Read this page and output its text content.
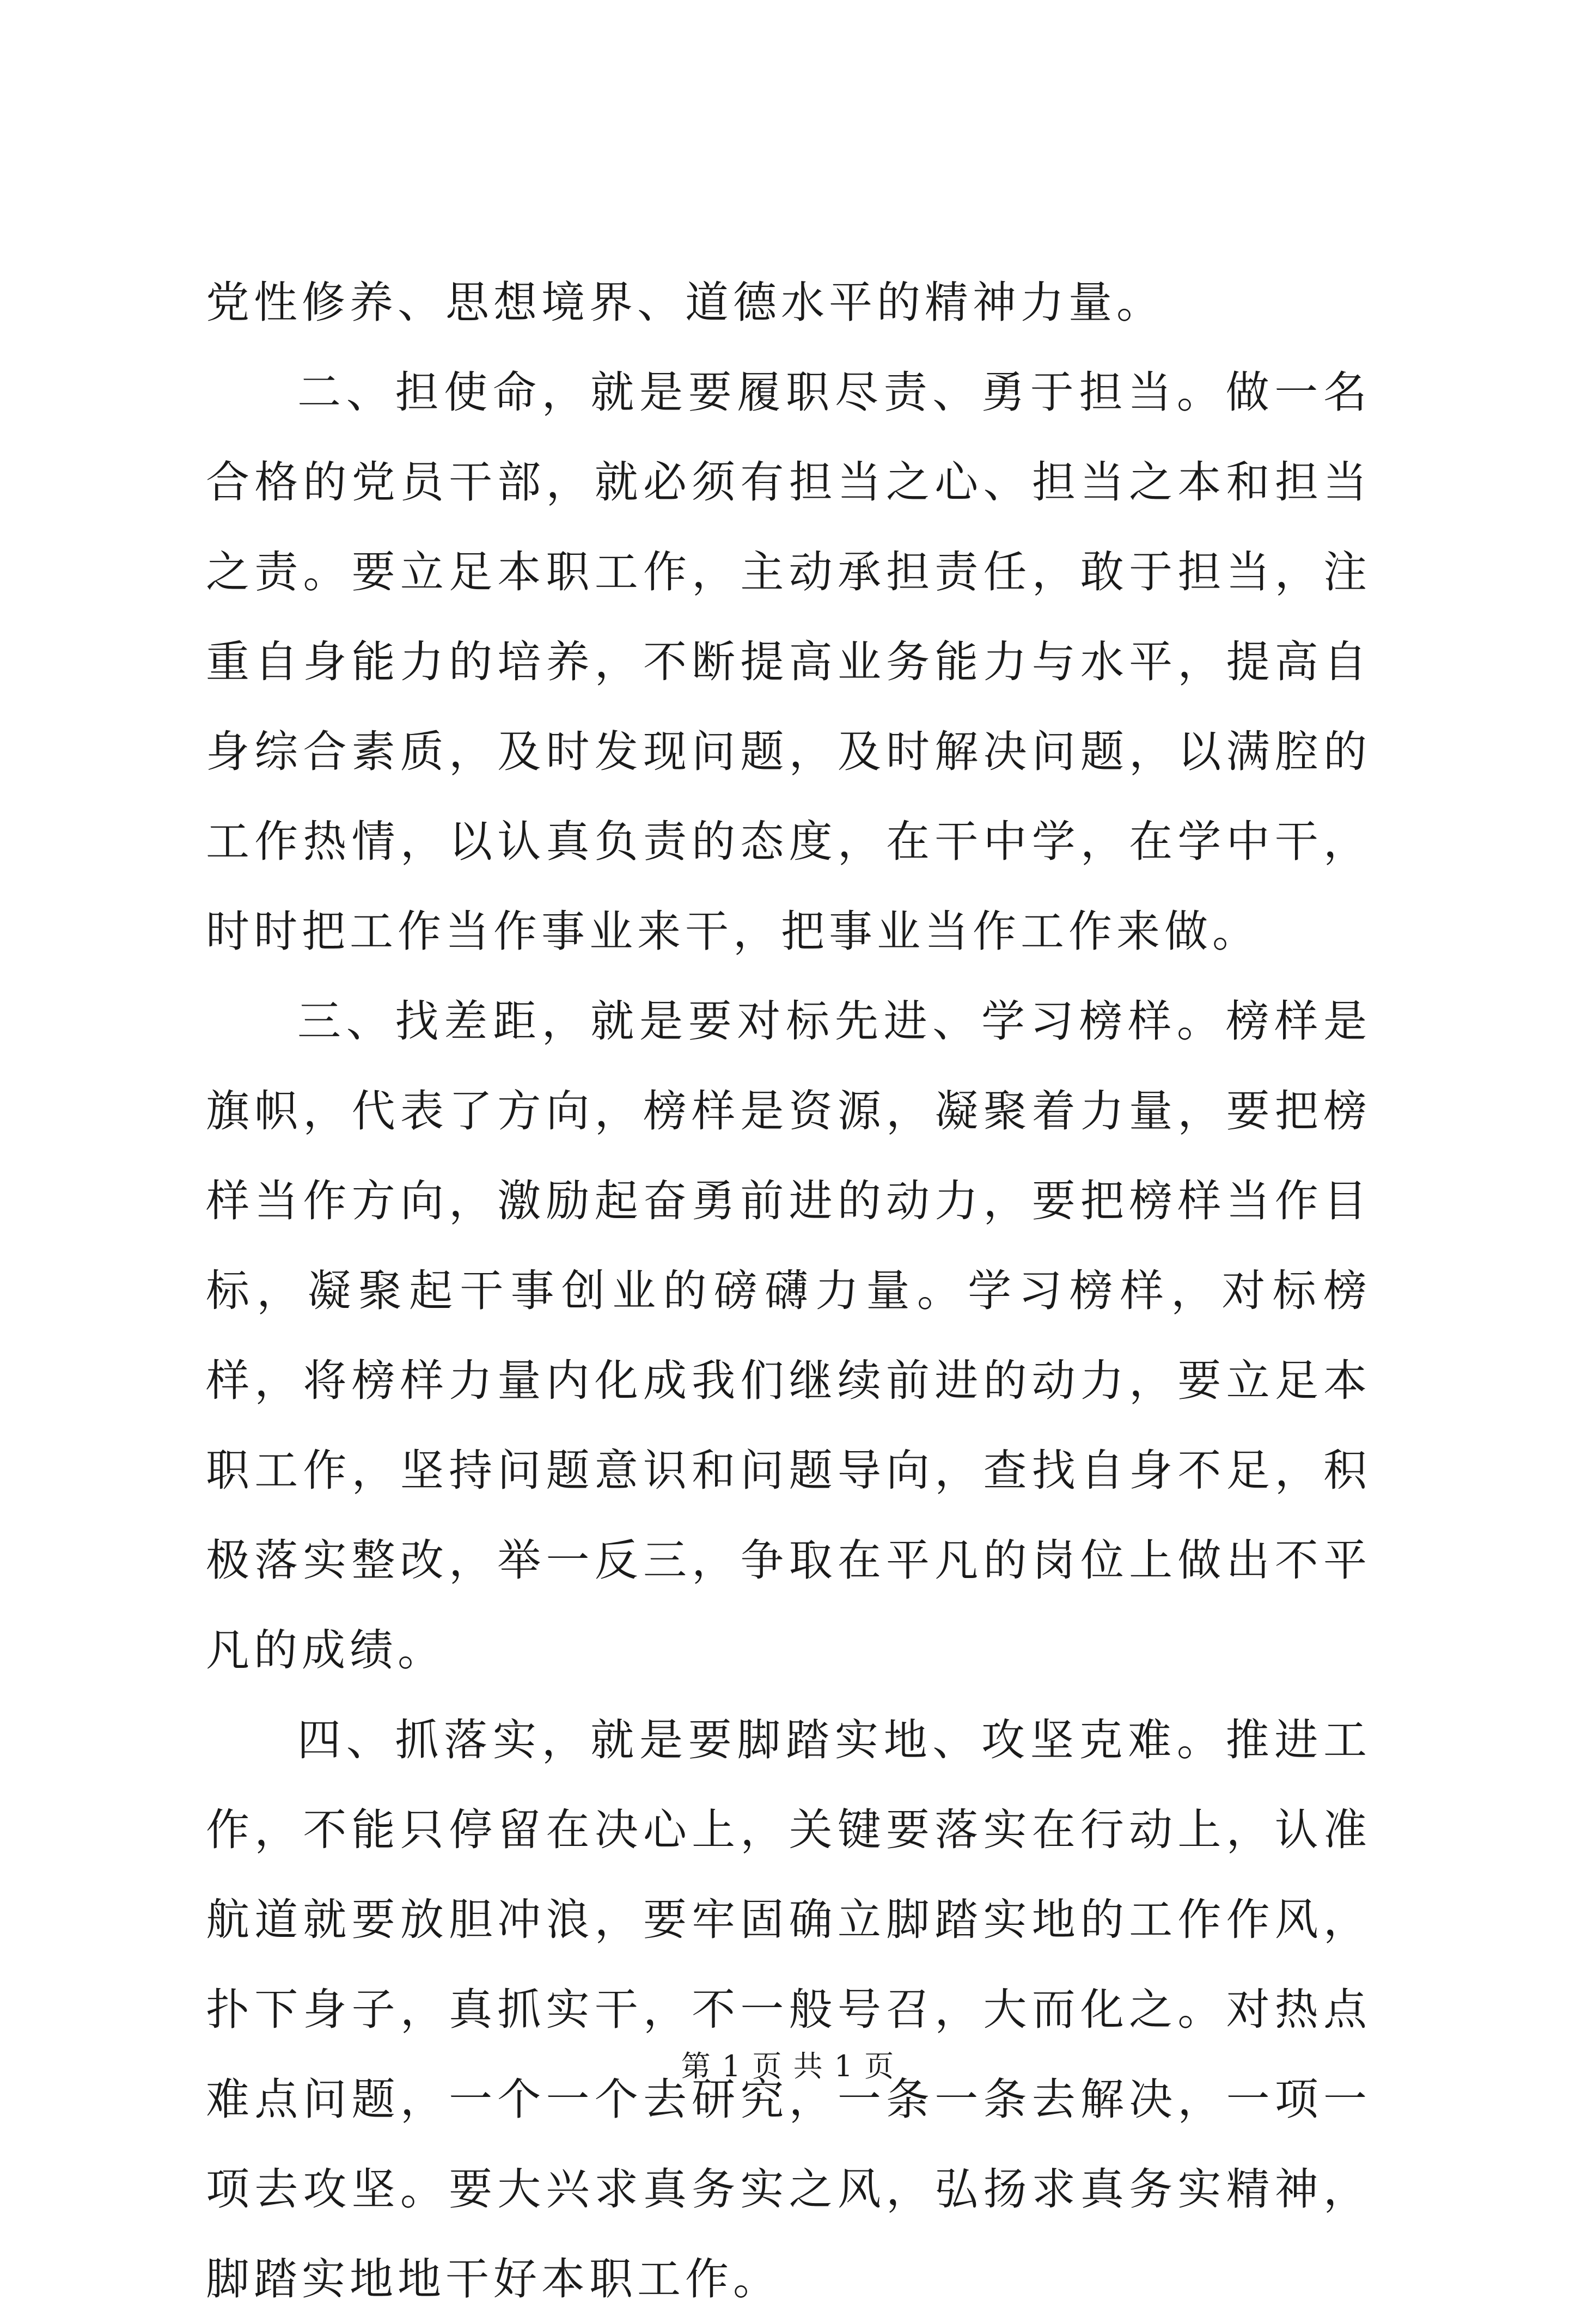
党性修养、思想境界、道德水平的精神力量。

二、担使命，就是要履职尽责、勇于担当。做一名合格的党员干部，就必须有担当之心、担当之本和担当之责。要立足本职工作，主动承担责任，敢于担当，注重自身能力的培养，不断提高业务能力与水平，提高自身综合素质，及时发现问题，及时解决问题，以满腔的工作热情，以认真负责的态度，在干中学，在学中干，时时把工作当作事业来干，把事业当作工作来做。

三、找差距，就是要对标先进、学习榜样。榜样是旗帜，代表了方向，榜样是资源，凝聚着力量，要把榜样当作方向，激励起奋勇前进的动力，要把榜样当作目标，凝聚起干事创业的磅礴力量。学习榜样，对标榜样，将榜样力量内化成我们继续前进的动力，要立足本职工作，坚持问题意识和问题导向，查找自身不足，积极落实整改，举一反三，争取在平凡的岗位上做出不平凡的成绩。

四、抓落实，就是要脚踏实地、攻坚克难。推进工作，不能只停留在决心上，关键要落实在行动上，认准航道就要放胆冲浪，要牢固确立脚踏实地的工作作风，扑下身子，真抓实干，不一般号召，大而化之。对热点难点问题，一个一个去研究，一条一条去解决，一项一项去攻坚。要大兴求真务实之风，弘扬求真务实精神，脚踏实地地干好本职工作。

第 1 页 共 1 页
